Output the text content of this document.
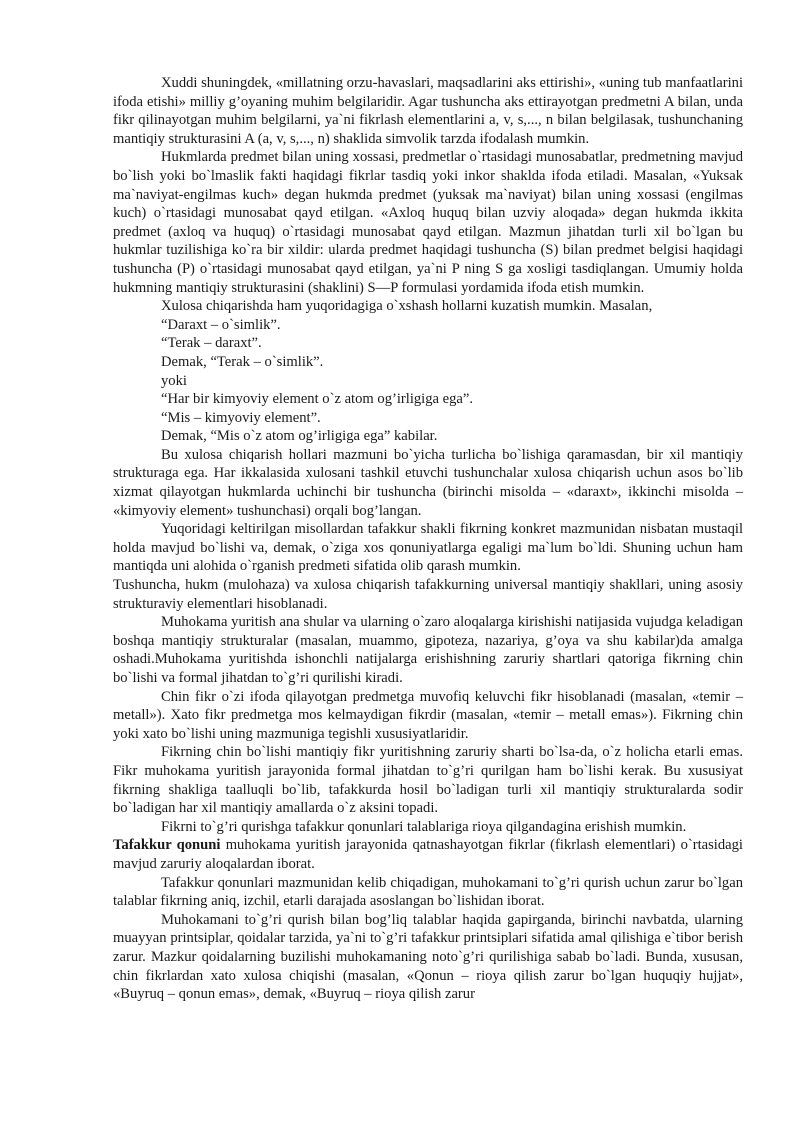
Xuddi shuningdek, «millatning orzu-havaslari, maqsadlarini aks ettirishi», «uning tub manfaatlarini ifoda etishi» milliy g’oyaning muhim belgilaridir. Agar tushuncha aks ettirayotgan predmetni A bilan, unda fikr qilinayotgan muhim belgilarni, ya`ni fikrlash elementlarini a, v, s,..., n bilan belgilasak, tushunchaning mantiqiy strukturasini A (a, v, s,..., n) shaklida simvolik tarzda ifodalash mumkin.

Hukmlarda predmet bilan uning xossasi, predmetlar o`rtasidagi munosabatlar, predmetning mavjud bo`lish yoki bo`lmaslik fakti haqidagi fikrlar tasdiq yoki inkor shaklda ifoda etiladi. Masalan, «Yuksak ma`naviyat-engilmas kuch» degan hukmda predmet (yuksak ma`naviyat) bilan uning xossasi (engilmas kuch) o`rtasidagi munosabat qayd etilgan. «Axloq huquq bilan uzviy aloqada» degan hukmda ikkita predmet (axloq va huquq) o`rtasidagi munosabat qayd etilgan. Mazmun jihatdan turli xil bo`lgan bu hukmlar tuzilishiga ko`ra bir xildir: ularda predmet haqidagi tushuncha (S) bilan predmet belgisi haqidagi tushuncha (P) o`rtasidagi munosabat qayd etilgan, ya`ni P ning S ga xosligi tasdiqlangan. Umumiy holda hukmning mantiqiy strukturasini (shaklini) S—P formulasi yordamida ifoda etish mumkin.

Xulosa chiqarishda ham yuqoridagiga o`xshash hollarni kuzatish mumkin. Masalan,

“Daraxt – o`simlik”.

“Terak – daraxt”.

Demak, “Terak – o`simlik”.

yoki

“Har bir kimyoviy element o`z atom og’irligiga ega”.

“Mis – kimyoviy element”.

Demak, “Mis o`z atom og’irligiga ega” kabilar.

Bu xulosa chiqarish hollari mazmuni bo`yicha turlicha bo`lishiga qaramasdan, bir xil mantiqiy strukturaga ega. Har ikkalasida xulosani tashkil etuvchi tushunchalar xulosa chiqarish uchun asos bo`lib xizmat qilayotgan hukmlarda uchinchi bir tushuncha (birinchi misolda – «daraxt», ikkinchi misolda – «kimyoviy element» tushunchasi) orqali bog’langan.

Yuqoridagi keltirilgan misollardan tafakkur shakli fikrning konkret mazmunidan nisbatan mustaqil holda mavjud bo`lishi va, demak, o`ziga xos qonuniyatlarga egaligi ma`lum bo`ldi. Shuning uchun ham mantiqda uni alohida o`rganish predmeti sifatida olib qarash mumkin.

Tushuncha, hukm (mulohaza) va xulosa chiqarish tafakkurning universal mantiqiy shakllari, uning asosiy strukturaviy elementlari hisoblanadi.

Muhokama yuritish ana shular va ularning o`zaro aloqalarga kirishishi natijasida vujudga keladigan boshqa mantiqiy strukturalar (masalan, muammo, gipoteza, nazariya, g’oya va shu kabilar)da amalga oshadi.Muhokama yuritishda ishonchli natijalarga erishishning zaruriy shartlari qatoriga fikrning chin bo`lishi va formal jihatdan to`g’ri qurilishi kiradi.

Chin fikr o`zi ifoda qilayotgan predmetga muvofiq keluvchi fikr hisoblanadi (masalan, «temir – metall»). Xato fikr predmetga mos kelmaydigan fikrdir (masalan, «temir – metall emas»). Fikrning chin yoki xato bo`lishi uning mazmuniga tegishli xususiyatlaridir.

Fikrning chin bo`lishi mantiqiy fikr yuritishning zaruriy sharti bo`lsa-da, o`z holicha etarli emas. Fikr muhokama yuritish jarayonida formal jihatdan to`g’ri qurilgan ham bo`lishi kerak. Bu xususiyat fikrning shakliga taalluqli bo`lib, tafakkurda hosil bo`ladigan turli xil mantiqiy strukturalarda sodir bo`ladigan har xil mantiqiy amallarda o`z aksini topadi.

Fikrni to`g’ri qurishga tafakkur qonunlari talablariga rioya qilgandagina erishish mumkin.

Tafakkur qonuni muhokama yuritish jarayonida qatnashayotgan fikrlar (fikrlash elementlari) o`rtasidagi mavjud zaruriy aloqalardan iborat.

Tafakkur qonunlari mazmunidan kelib chiqadigan, muhokamani to`g’ri qurish uchun zarur bo`lgan talablar fikrning aniq, izchil, etarli darajada asoslangan bo`lishidan iborat.

Muhokamani to`g’ri qurish bilan bog’liq talablar haqida gapirganda, birinchi navbatda, ularning muayyan printsiplar, qoidalar tarzida, ya`ni to`g’ri tafakkur printsiplari sifatida amal qilishiga e`tibor berish zarur. Mazkur qoidalarning buzilishi muhokamaning noto`g’ri qurilishiga sabab bo`ladi. Bunda, xususan, chin fikrlardan xato xulosa chiqishi (masalan, «Qonun – rioya qilish zarur bo`lgan huquqiy hujjat», «Buyruq – qonun emas», demak, «Buyruq – rioya qilish zarur
